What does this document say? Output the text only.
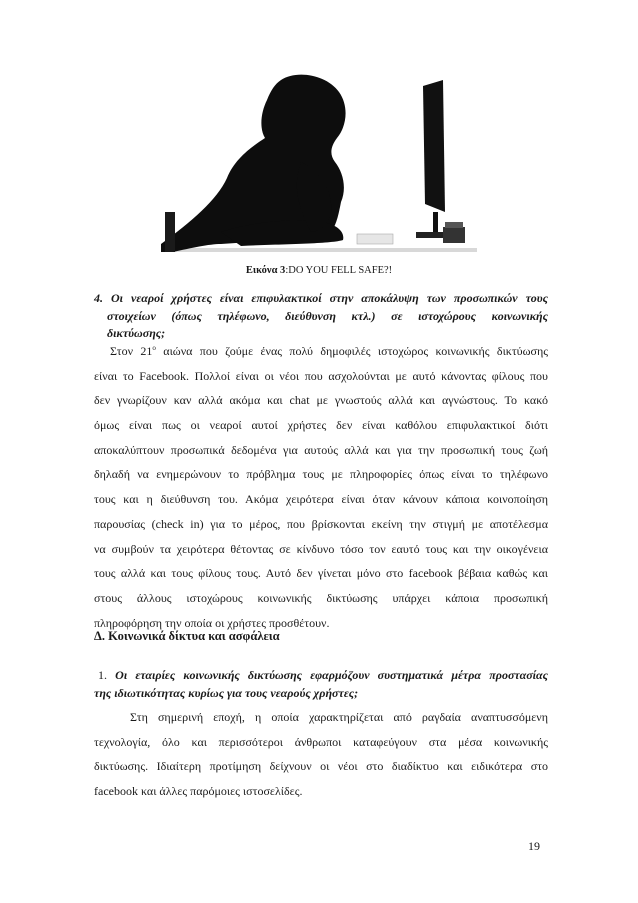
Εικόνα 3:DO YOU FELL SAFE?!
4. Οι νεαροί χρήστες είναι επιφυλακτικοί στην αποκάλυψη των προσωπικών τους
στοιχείων (όπως τηλέφωνο, διεύθυνση κτλ.) σε ιστοχώρους κοινωνικής
δικτύωσης;
Στον $21^o$ αιώνα που ζούμε ένας πολύ δημοφιλές ιστοχώρος κοινωνικής δικτύωσης
είναι το Facebook. Πολλοί είναι οι νέοι που ασχολούνται με αυτό κάνοντας φίλους που
δεν γνωρίζουν καν αλλά ακόμα και chat με γνωστούς αλλά και αγνώστους. Το κακό
όμως είναι πως οι νεαροί αυτοί χρήστες δεν είναι καθόλου επιφυλακτικοί διότι
αποκαλύπτουν προσωπικά δεδομένα για αυτούς αλλά και για την προσωπική τους ζωή
δηλαδή να ενημερώνουν το πρόβλημα τους με πληροφορίες όπως είναι το τηλέφωνο
τους και η διεύθυνση του. Ακόμα χειρότερα είναι όταν κάνουν κάποια κοινοποίηση
παρουσίας (check in) για το μέρος, που βρίσκονται εκείνη την στιγμή με αποτέλεσμα
να συμβούν τα χειρότερα θέτοντας σε κίνδυνο τόσο τον εαυτό τους και την οικογένεια
τους αλλά και τους φίλους τους. Αυτό δεν γίνεται μόνο στο facebook βέβαια καθώς και
στους άλλους ιστοχώρους κοινωνικής δικτύωσης υπάρχει κάποια προσωπική
πληροφόρηση την οποία οι χρήστες προσθέτουν.
Δ. Κοινωνικά δίκτυα και ασφάλεια
1. Οι εταιρίες κοινωνικής δικτύωσης εφαρμόζουν συστηματικά μέτρα προστασίας
της ιδιωτικότητας κυρίως για τους νεαρούς χρήστες;
Στη σημερινή εποχή, η οποία χαρακτηρίζεται από ραγδαία αναπτυσσόμενη
τεχνολογία, όλο και περισσότεροι άνθρωποι καταφεύγουν στα μέσα κοινωνικής
δικτύωσης. Ιδιαίτερη προτίμηση δείχνουν οι νέοι στο διαδίκτυο και ειδικότερα στο
facebook και άλλες παρόμοιες ιστοσελίδες.
19
